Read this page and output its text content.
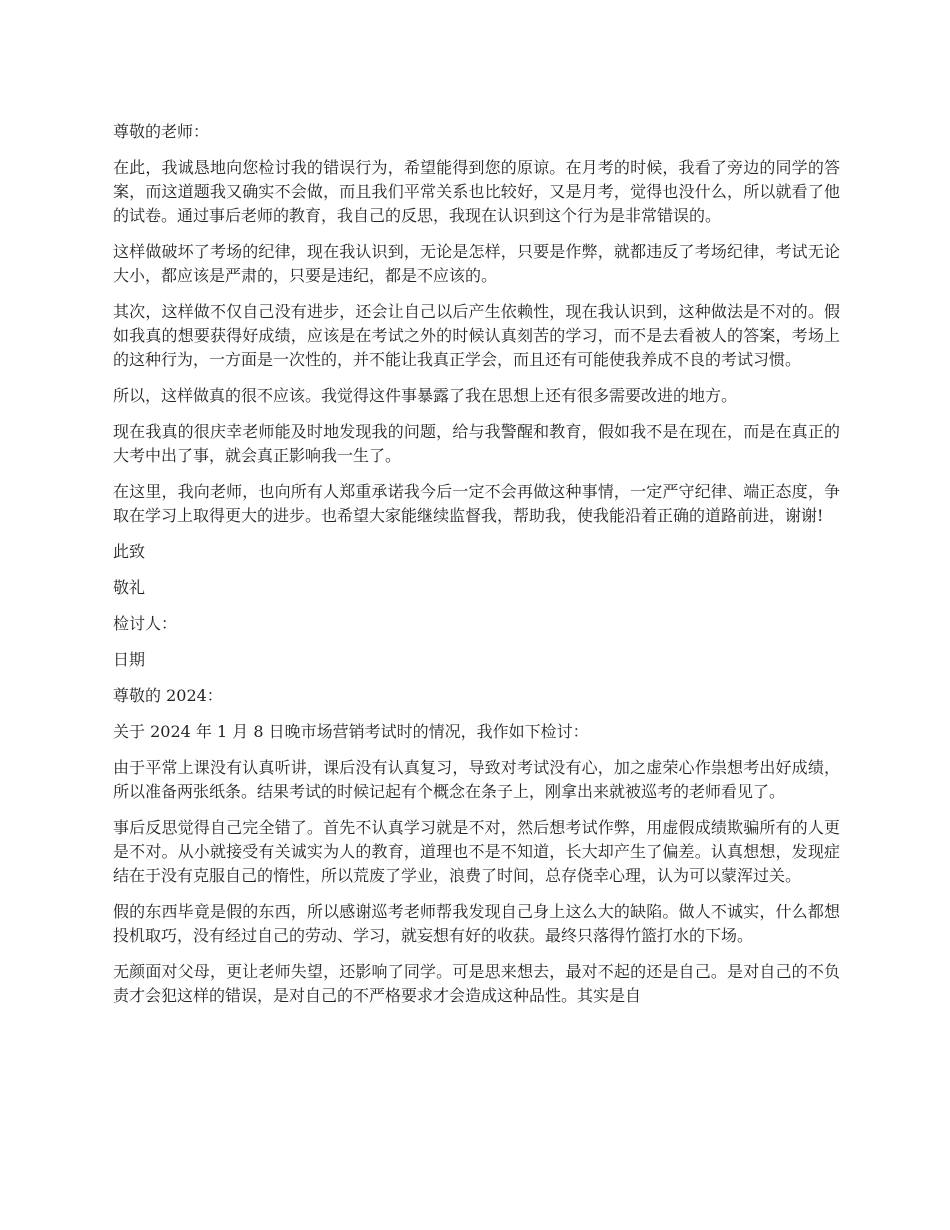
尊敬的老师：

在此，我诚恳地向您检讨我的错误行为，希望能得到您的原谅。在月考的时候，我看了旁边的同学的答案，而这道题我又确实不会做，而且我们平常关系也比较好，又是月考，觉得也没什么，所以就看了他的试卷。通过事后老师的教育，我自己的反思，我现在认识到这个行为是非常错误的。

这样做破坏了考场的纪律，现在我认识到，无论是怎样，只要是作弊，就都违反了考场纪律，考试无论大小，都应该是严肃的，只要是违纪，都是不应该的。

其次，这样做不仅自己没有进步，还会让自己以后产生依赖性，现在我认识到，这种做法是不对的。假如我真的想要获得好成绩，应该是在考试之外的时候认真刻苦的学习，而不是去看被人的答案，考场上的这种行为，一方面是一次性的，并不能让我真正学会，而且还有可能使我养成不良的考试习惯。

所以，这样做真的很不应该。我觉得这件事暴露了我在思想上还有很多需要改进的地方。

现在我真的很庆幸老师能及时地发现我的问题，给与我警醒和教育，假如我不是在现在，而是在真正的大考中出了事，就会真正影响我一生了。

在这里，我向老师，也向所有人郑重承诺我今后一定不会再做这种事情，一定严守纪律、端正态度，争取在学习上取得更大的进步。也希望大家能继续监督我，帮助我，使我能沿着正确的道路前进，谢谢!

此致

敬礼

检讨人：

日期

尊敬的 2024：

关于 2024 年 1 月 8 日晚市场营销考试时的情况，我作如下检讨：

由于平常上课没有认真听讲，课后没有认真复习，导致对考试没有心，加之虚荣心作祟想考出好成绩，所以准备两张纸条。结果考试的时候记起有个概念在条子上，刚拿出来就被巡考的老师看见了。

事后反思觉得自己完全错了。首先不认真学习就是不对，然后想考试作弊，用虚假成绩欺骗所有的人更是不对。从小就接受有关诚实为人的教育，道理也不是不知道，长大却产生了偏差。认真想想，发现症结在于没有克服自己的惰性，所以荒废了学业，浪费了时间，总存侥幸心理，认为可以蒙浑过关。

假的东西毕竟是假的东西，所以感谢巡考老师帮我发现自己身上这么大的缺陷。做人不诚实，什么都想投机取巧，没有经过自己的劳动、学习，就妄想有好的收获。最终只落得竹篮打水的下场。

无颜面对父母，更让老师失望，还影响了同学。可是思来想去，最对不起的还是自己。是对自己的不负责才会犯这样的错误，是对自己的不严格要求才会造成这种品性。其实是自
